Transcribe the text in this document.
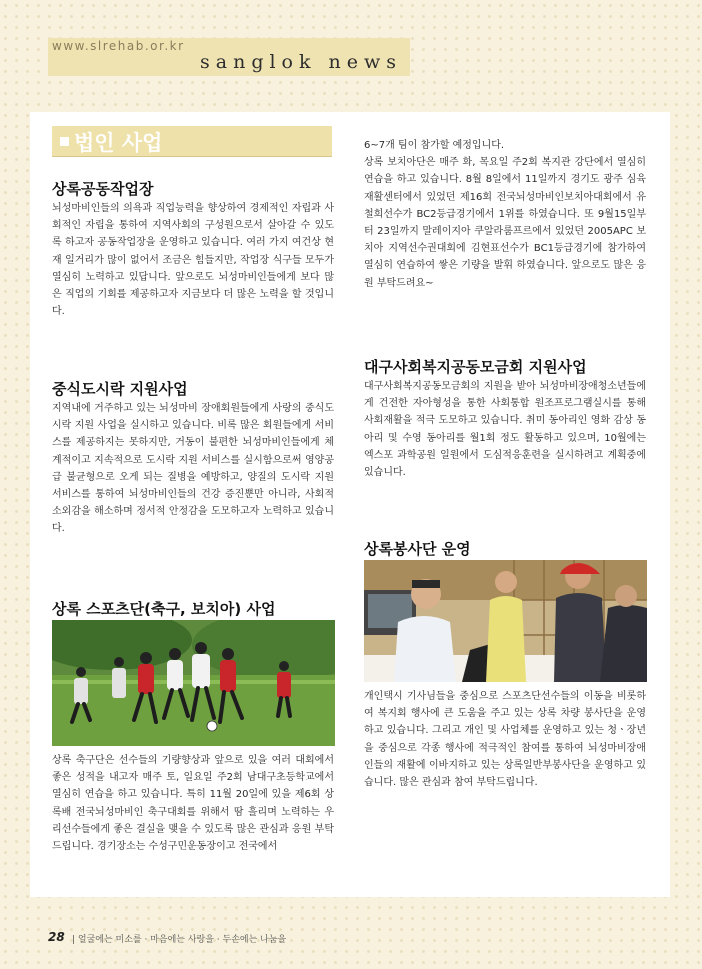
www.slrehab.or.kr
sanglok news
법인 사업
상록공동작업장
뇌성마비인들의 의욕과 직업능력을 향상하여 경제적인 자립과 사회적인 자립을 통하여 지역사회의 구성원으로서 살아갈 수 있도록 하고자 공동작업장을 운영하고 있습니다. 여러 가지 여건상 현재 일거리가 많이 없어서 조금은 힘들지만, 작업장 식구들 모두가 열심히 노력하고 있답니다. 앞으로도 뇌성마비인들에게 보다 많은 직업의 기회를 제공하고자 지금보다 더 많은 노력을 할 것입니다.
중식도시락 지원사업
지역내에 거주하고 있는 뇌성마비 장애회원들에게 사랑의 중식도시락 지원 사업을 실시하고 있습니다. 비록 많은 회원들에게 서비스를 제공하지는 못하지만, 거동이 불편한 뇌성마비인들에게 체계적이고 지속적으로 도시락 지원 서비스를 실시함으로써 영양공급 불균형으로 오게 되는 질병을 예방하고, 양질의 도시락 지원 서비스를 통하여 뇌성마비인들의 건강 증진뿐만 아니라, 사회적 소외감을 해소하며 정서적 안정감을 도모하고자 노력하고 있습니다.
상록 스포츠단(축구, 보치아) 사업
상록 축구단은 선수들의 기량향상과 앞으로 있을 여러 대회에서 좋은 성적을 내고자 매주 토, 일요일 주2회 남대구초등학교에서 열심히 연습을 하고 있습니다. 특히 11월 20일에 있을 제6회 상록배 전국뇌성마비인 축구대회를 위해서 땀 흘리며 노력하는 우리선수들에게 좋은 결실을 맺을 수 있도록 많은 관심과 응원 부탁드립니다. 경기장소는 수성구민운동장이고 전국에서
6~7개 팀이 참가할 예정입니다.
상록 보치아단은 매주 화, 목요일 주2회 복지관 강단에서 열심히 연습을 하고 있습니다. 8월 8일에서 11일까지 경기도 광주 심육재활센터에서 있었던 제16회 전국뇌성마비인보치아대회에서 유철희선수가 BC2등급경기에서 1위를 하였습니다. 또 9월15일부터 23일까지 말레이지아 쿠알라룸프르에서 있었던 2005APC 보치아 지역선수권대회에 김현표선수가 BC1등급경기에 참가하여 열심히 연습하여 쌓은 기량을 발휘 하였습니다. 앞으로도 많은 응원 부탁드려요~
대구사회복지공동모금회 지원사업
대구사회복지공동모금회의 지원을 받아 뇌성마비장애청소년들에게 건전한 자아형성을 통한 사회통합 원조프로그램실시를 통해 사회재활을 적극 도모하고 있습니다. 취미 동아리인 영화 감상 동아리 및 수영 동아리를 월1회 정도 활동하고 있으며, 10월에는 엑스포 과학공원 일원에서 도심적응훈련을 실시하려고 계획중에 있습니다.
상록봉사단 운영
개인택시 기사님들을 중심으로 스포츠단선수들의 이동을 비롯하여 복지회 행사에 큰 도움을 주고 있는 상록 차량 봉사단을 운영하고 있습니다. 그리고 개인 및 사업체를 운영하고 있는 청ㆍ장년을 중심으로 각종 행사에 적극적인 참여를 통하여 뇌성마비장애인들의 재활에 이바지하고 있는 상록일반부봉사단을 운영하고 있습니다. 많은 관심과 참여 부탁드립니다.
28 | 얼굴에는 미소를 · 마음에는 사랑을 · 두손에는 나눔을
